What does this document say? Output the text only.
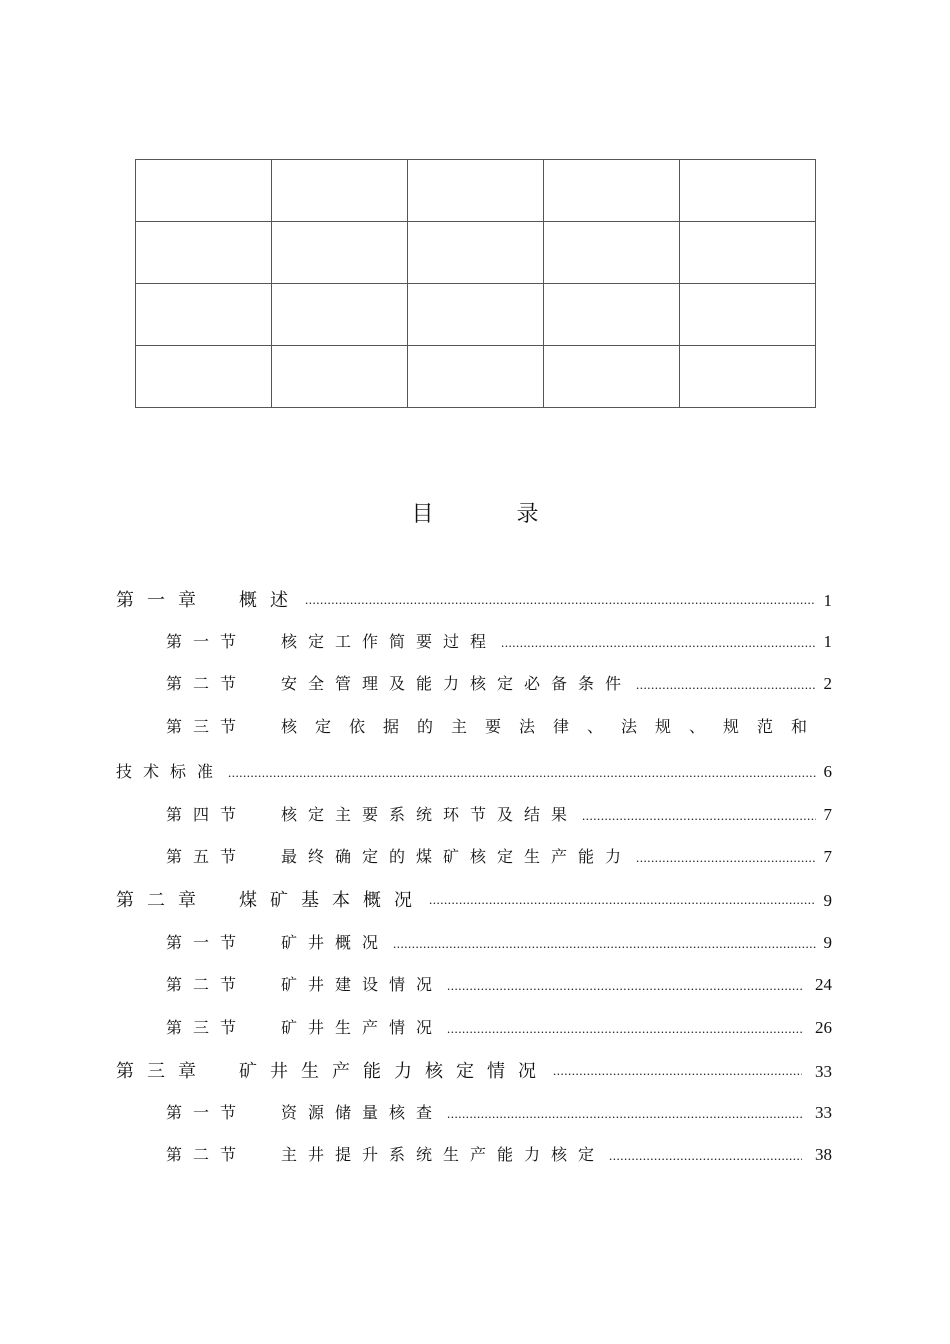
目 录
第一章 概述 .....	1
第一节 核定工作简要过程 .....	1
第二节 安全管理及能力核定必备条件 .....	2
第三节 核定依据的主要法律、法规、规范和
技术标准 .....	6
第四节 核定主要系统环节及结果 .....	7
第五节 最终确定的煤矿核定生产能力 .....	7
第二章 煤矿基本概况 .....	9
第一节 矿井概况 .....	9
第二节 矿井建设情况 .....	24
第三节 矿井生产情况 .....	26
第三章 矿井生产能力核定情况 .....	33
第一节 资源储量核查 .....	33
第二节 主井提升系统生产能力核定 .....	38
